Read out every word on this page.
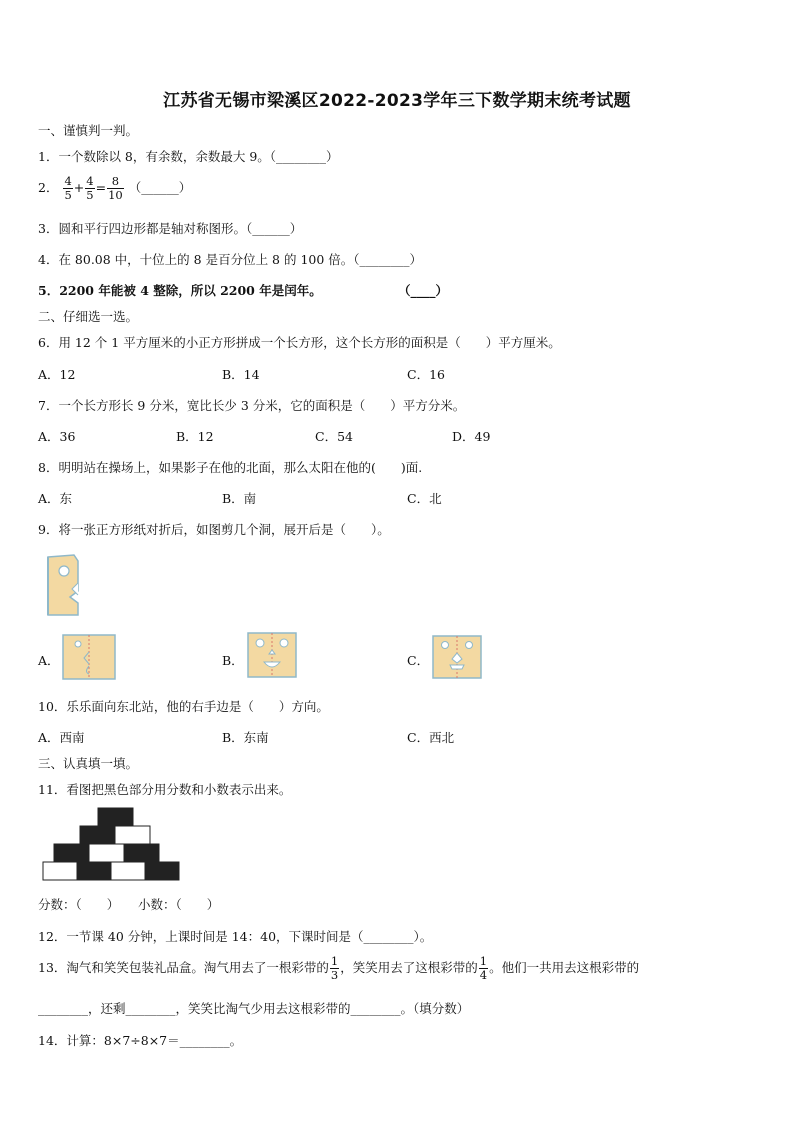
江苏省无锡市梁溪区2022-2023学年三下数学期末统考试题
一、谨慎判一判。
1．一个数除以 8，有余数，余数最大 9。（________）
2． $\frac{4}{5} + \frac{4}{5} = \frac{8}{10}$ （______）
3．圆和平行四边形都是轴对称图形。（______）
4．在 80.08 中，十位上的 8 是百分位上 8 的 100 倍。（________）
5．2200 年能被 4 整除，所以 2200 年是闰年。	（____）
二、仔细选一选。
6．用 12 个 1 平方厘米的小正方形拼成一个长方形，这个长方形的面积是（　　）平方厘米。
A．12	B．14	C．16
7．一个长方形长 9 分米，宽比长少 3 分米，它的面积是（　　）平方分米。
A．36	B．12	C．54	D．49
8．明明站在操场上，如果影子在他的北面，那么太阳在他的(　　)面.
A．东	B．南	C．北
9．将一张正方形纸对折后，如图剪几个洞，展开后是（　　）。
A．	B．	C．
10．乐乐面向东北站，他的右手边是（　　）方向。
A．西南	B．东南	C．西北
三、认真填一填。
11．看图把黑色部分用分数和小数表示出来。
分数：（　　）　　小数：（　　）
12．一节课 40 分钟，上课时间是 14：40，下课时间是（________）。
13．淘气和笑笑包装礼品盒。淘气用去了一根彩带的 $\frac{1}{3}$ ，笑笑用去了这根彩带的 $\frac{1}{4}$ 。他们一共用去这根彩带的
________，还剩________，笑笑比淘气少用去这根彩带的________。（填分数）
14．计算：8×7÷8×7＝________。
